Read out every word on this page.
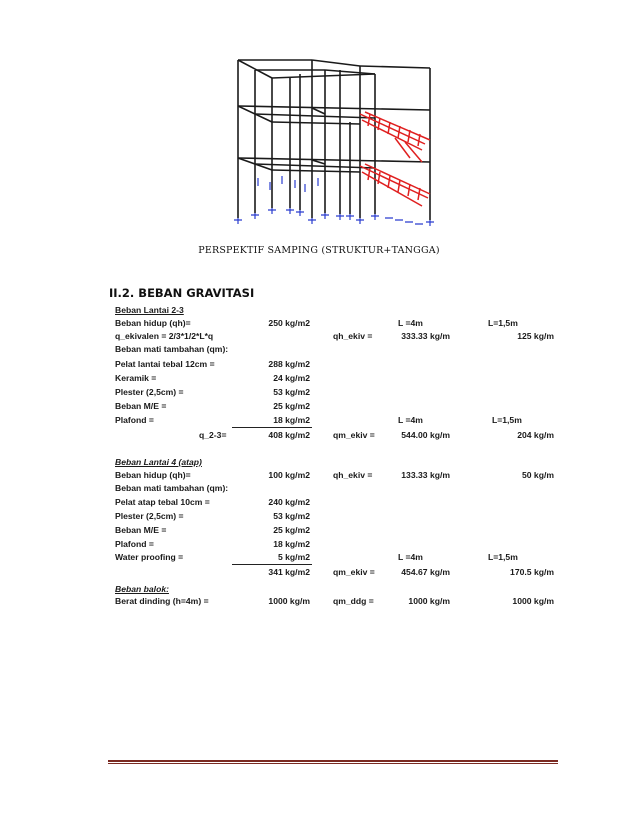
PERSPEKTIF SAMPING (STRUKTUR+TANGGA)
II.2. BEBAN GRAVITASI
Beban Lantai 2-3
Beban hidup (qh)=	250 kg/m2	L =4m	L=1,5m
q_ekivalen = 2/3*1/2*L*q	qh_ekiv =	333.33 kg/m	125 kg/m
Beban mati tambahan (qm):
Pelat lantai tebal 12cm =	288 kg/m2
Keramik =	24 kg/m2
Plester (2,5cm) =	53 kg/m2
Beban M/E =	25 kg/m2
Plafond =	18 kg/m2	L =4m	L=1,5m
q_2-3=	408 kg/m2	qm_ekiv =	544.00 kg/m	204 kg/m
Beban Lantai 4 (atap)
Beban hidup (qh)=	100 kg/m2	qh_ekiv =	133.33 kg/m	50 kg/m
Beban mati tambahan (qm):
Pelat atap tebal 10cm =	240 kg/m2
Plester (2,5cm) =	53 kg/m2
Beban M/E =	25 kg/m2
Plafond =	18 kg/m2
Water proofing =	5 kg/m2	L =4m	L=1,5m
341 kg/m2	qm_ekiv =	454.67 kg/m	170.5 kg/m
Beban balok:
Berat dinding (h=4m) =	1000 kg/m	qm_ddg =	1000 kg/m	1000 kg/m
